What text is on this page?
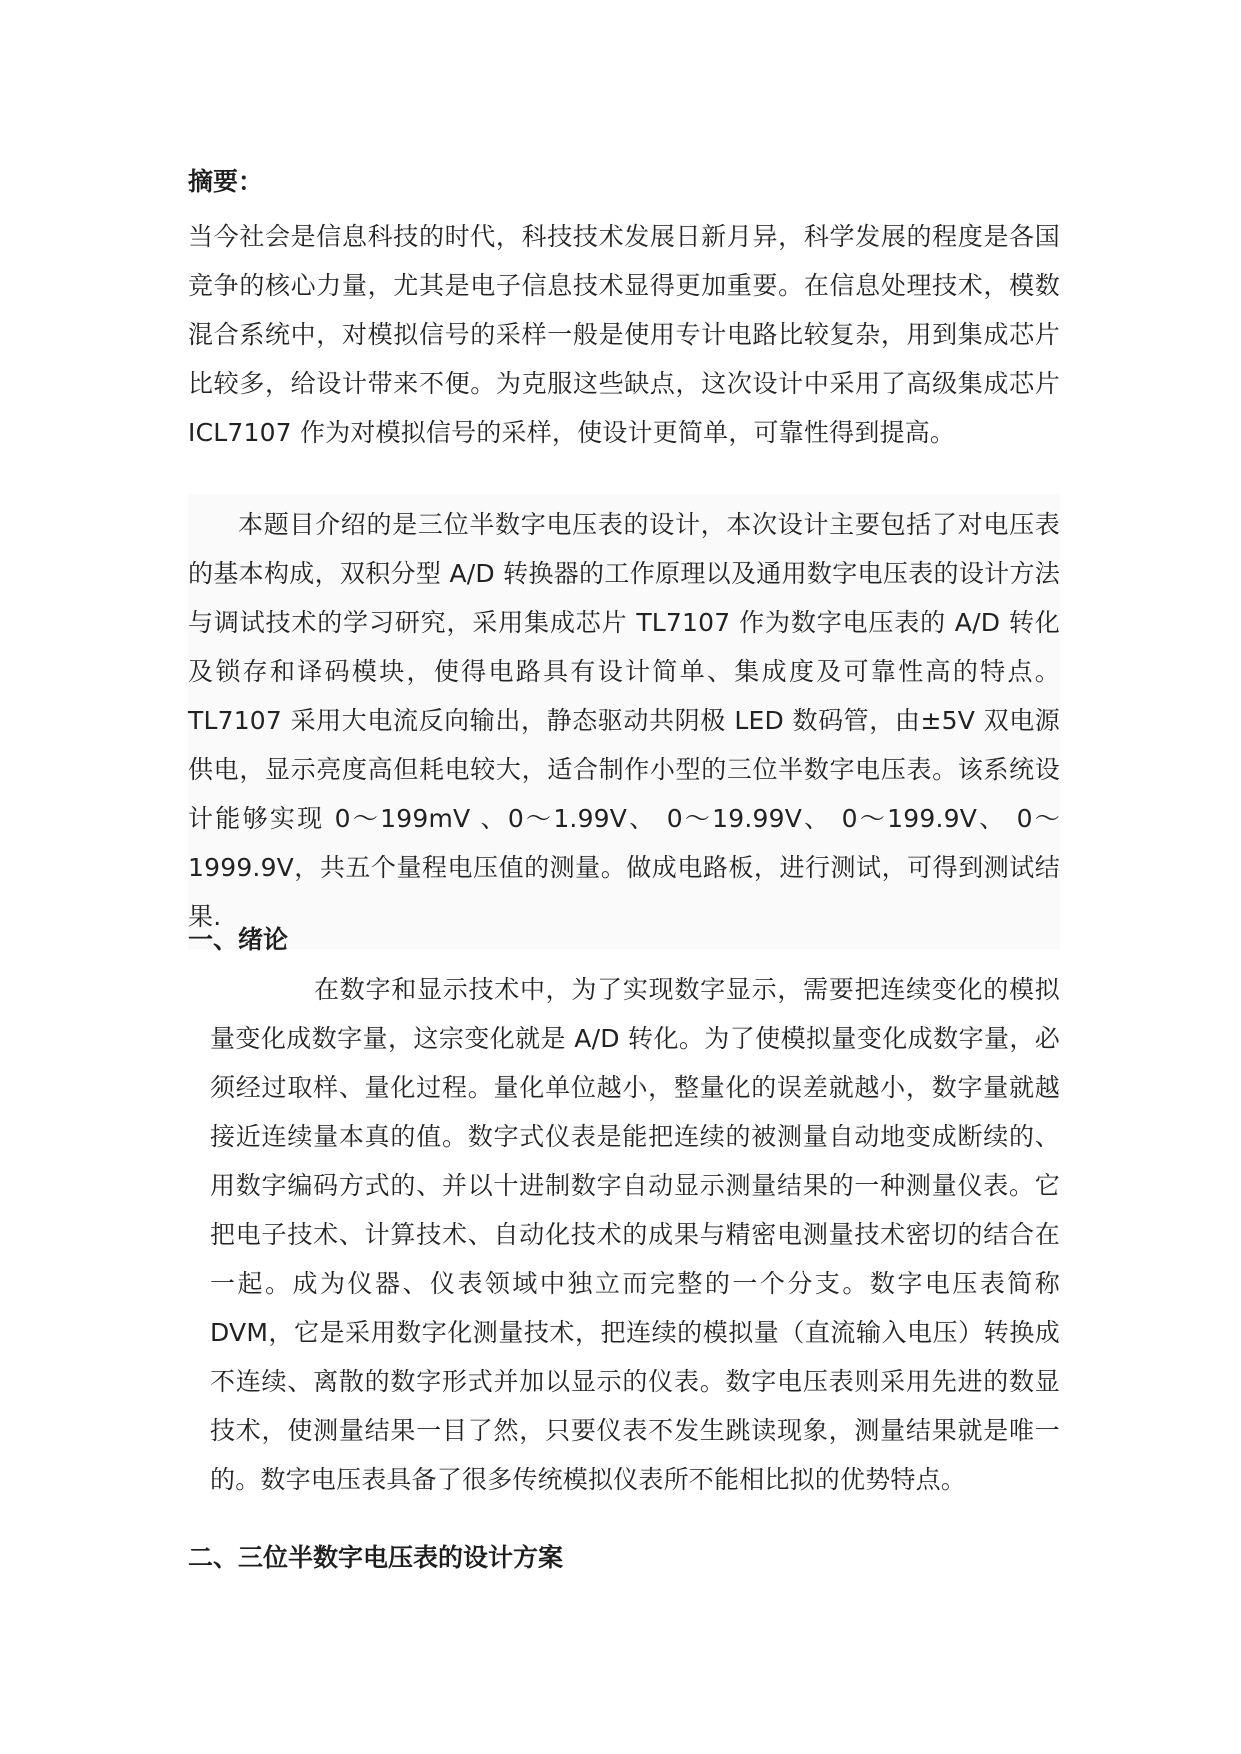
摘要：
当今社会是信息科技的时代，科技技术发展日新月异，科学发展的程度是各国竞争的核心力量，尤其是电子信息技术显得更加重要。在信息处理技术，模数混合系统中，对模拟信号的采样一般是使用专计电路比较复杂，用到集成芯片比较多，给设计带来不便。为克服这些缺点，这次设计中采用了高级集成芯片 ICL7107 作为对模拟信号的采样，使设计更简单，可靠性得到提高。
本题目介绍的是三位半数字电压表的设计，本次设计主要包括了对电压表的基本构成，双积分型 A/D 转换器的工作原理以及通用数字电压表的设计方法与调试技术的学习研究，采用集成芯片 TL7107 作为数字电压表的 A/D 转化及锁存和译码模块，使得电路具有设计简单、集成度及可靠性高的特点。TL7107 采用大电流反向输出，静态驱动共阴极 LED 数码管，由±5V 双电源供电，显示亮度高但耗电较大，适合制作小型的三位半数字电压表。该系统设计能够实现 0～199mV 、0～1.99V、 0～19.99V、 0～199.9V、 0～1999.9V，共五个量程电压值的测量。做成电路板，进行测试，可得到测试结果.
一、绪论
在数字和显示技术中，为了实现数字显示，需要把连续变化的模拟量变化成数字量，这宗变化就是 A/D 转化。为了使模拟量变化成数字量，必须经过取样、量化过程。量化单位越小，整量化的误差就越小，数字量就越接近连续量本真的值。数字式仪表是能把连续的被测量自动地变成断续的、用数字编码方式的、并以十进制数字自动显示测量结果的一种测量仪表。它把电子技术、计算技术、自动化技术的成果与精密电测量技术密切的结合在一起。成为仪器、仪表领域中独立而完整的一个分支。数字电压表简称 DVM，它是采用数字化测量技术，把连续的模拟量（直流输入电压）转换成不连续、离散的数字形式并加以显示的仪表。数字电压表则采用先进的数显技术，使测量结果一目了然，只要仪表不发生跳读现象，测量结果就是唯一的。数字电压表具备了很多传统模拟仪表所不能相比拟的优势特点。
二、三位半数字电压表的设计方案
